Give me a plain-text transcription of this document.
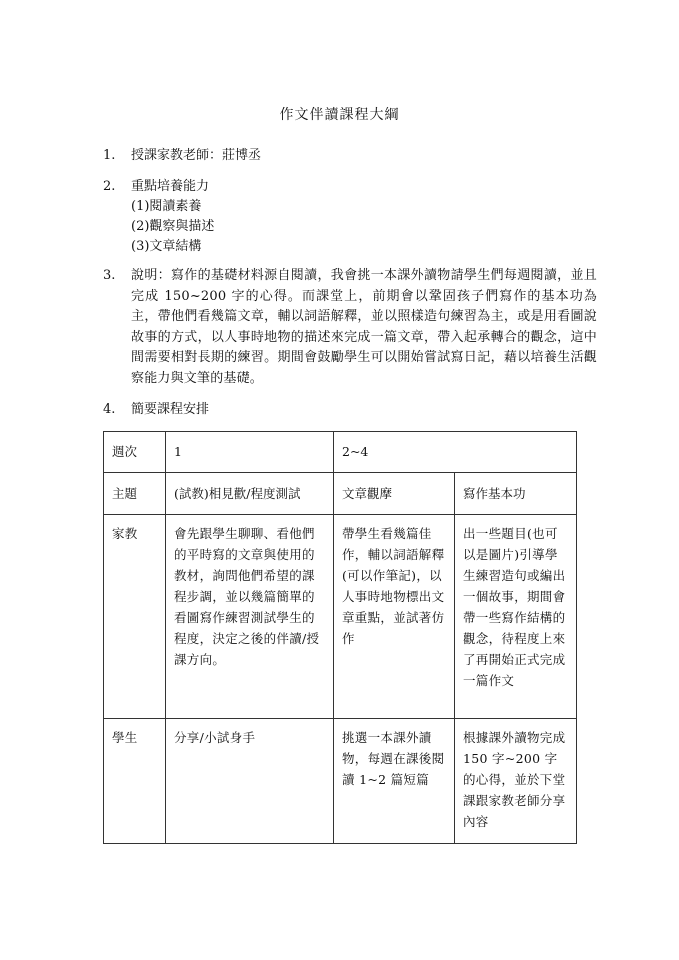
作文伴讀課程大綱
1.	授課家教老師：莊博丞
2.	重點培養能力
(1)閱讀素養
(2)觀察與描述
(3)文章結構
3.	說明：寫作的基礎材料源自閱讀，我會挑一本課外讀物請學生們每週閱讀，並且完成 150~200 字的心得。而課堂上，前期會以鞏固孩子們寫作的基本功為主，帶他們看幾篇文章，輔以詞語解釋，並以照樣造句練習為主，或是用看圖說故事的方式，以人事時地物的描述來完成一篇文章，帶入起承轉合的觀念，這中間需要相對長期的練習。期間會鼓勵學生可以開始嘗試寫日記，藉以培養生活觀察能力與文筆的基礎。
4.	簡要課程安排
週次	1	2~4	

主題	(試教)相見歡/程度測試	文章觀摩	寫作基本功

家教	會先跟學生聊聊、看他們的平時寫的文章與使用的教材，詢問他們希望的課程步調，並以幾篇簡單的看圖寫作練習測試學生的程度，決定之後的伴讀/授課方向。	帶學生看幾篇佳作，輔以詞語解釋(可以作筆記)，以人事時地物標出文章重點，並試著仿作	出一些題目(也可以是圖片)引導學生練習造句或編出一個故事，期間會帶一些寫作結構的觀念，待程度上來了再開始正式完成一篇作文

學生	分享/小試身手	挑選一本課外讀物，每週在課後閱讀 1~2 篇短篇	根據課外讀物完成 150 字~200 字的心得，並於下堂課跟家教老師分享內容
